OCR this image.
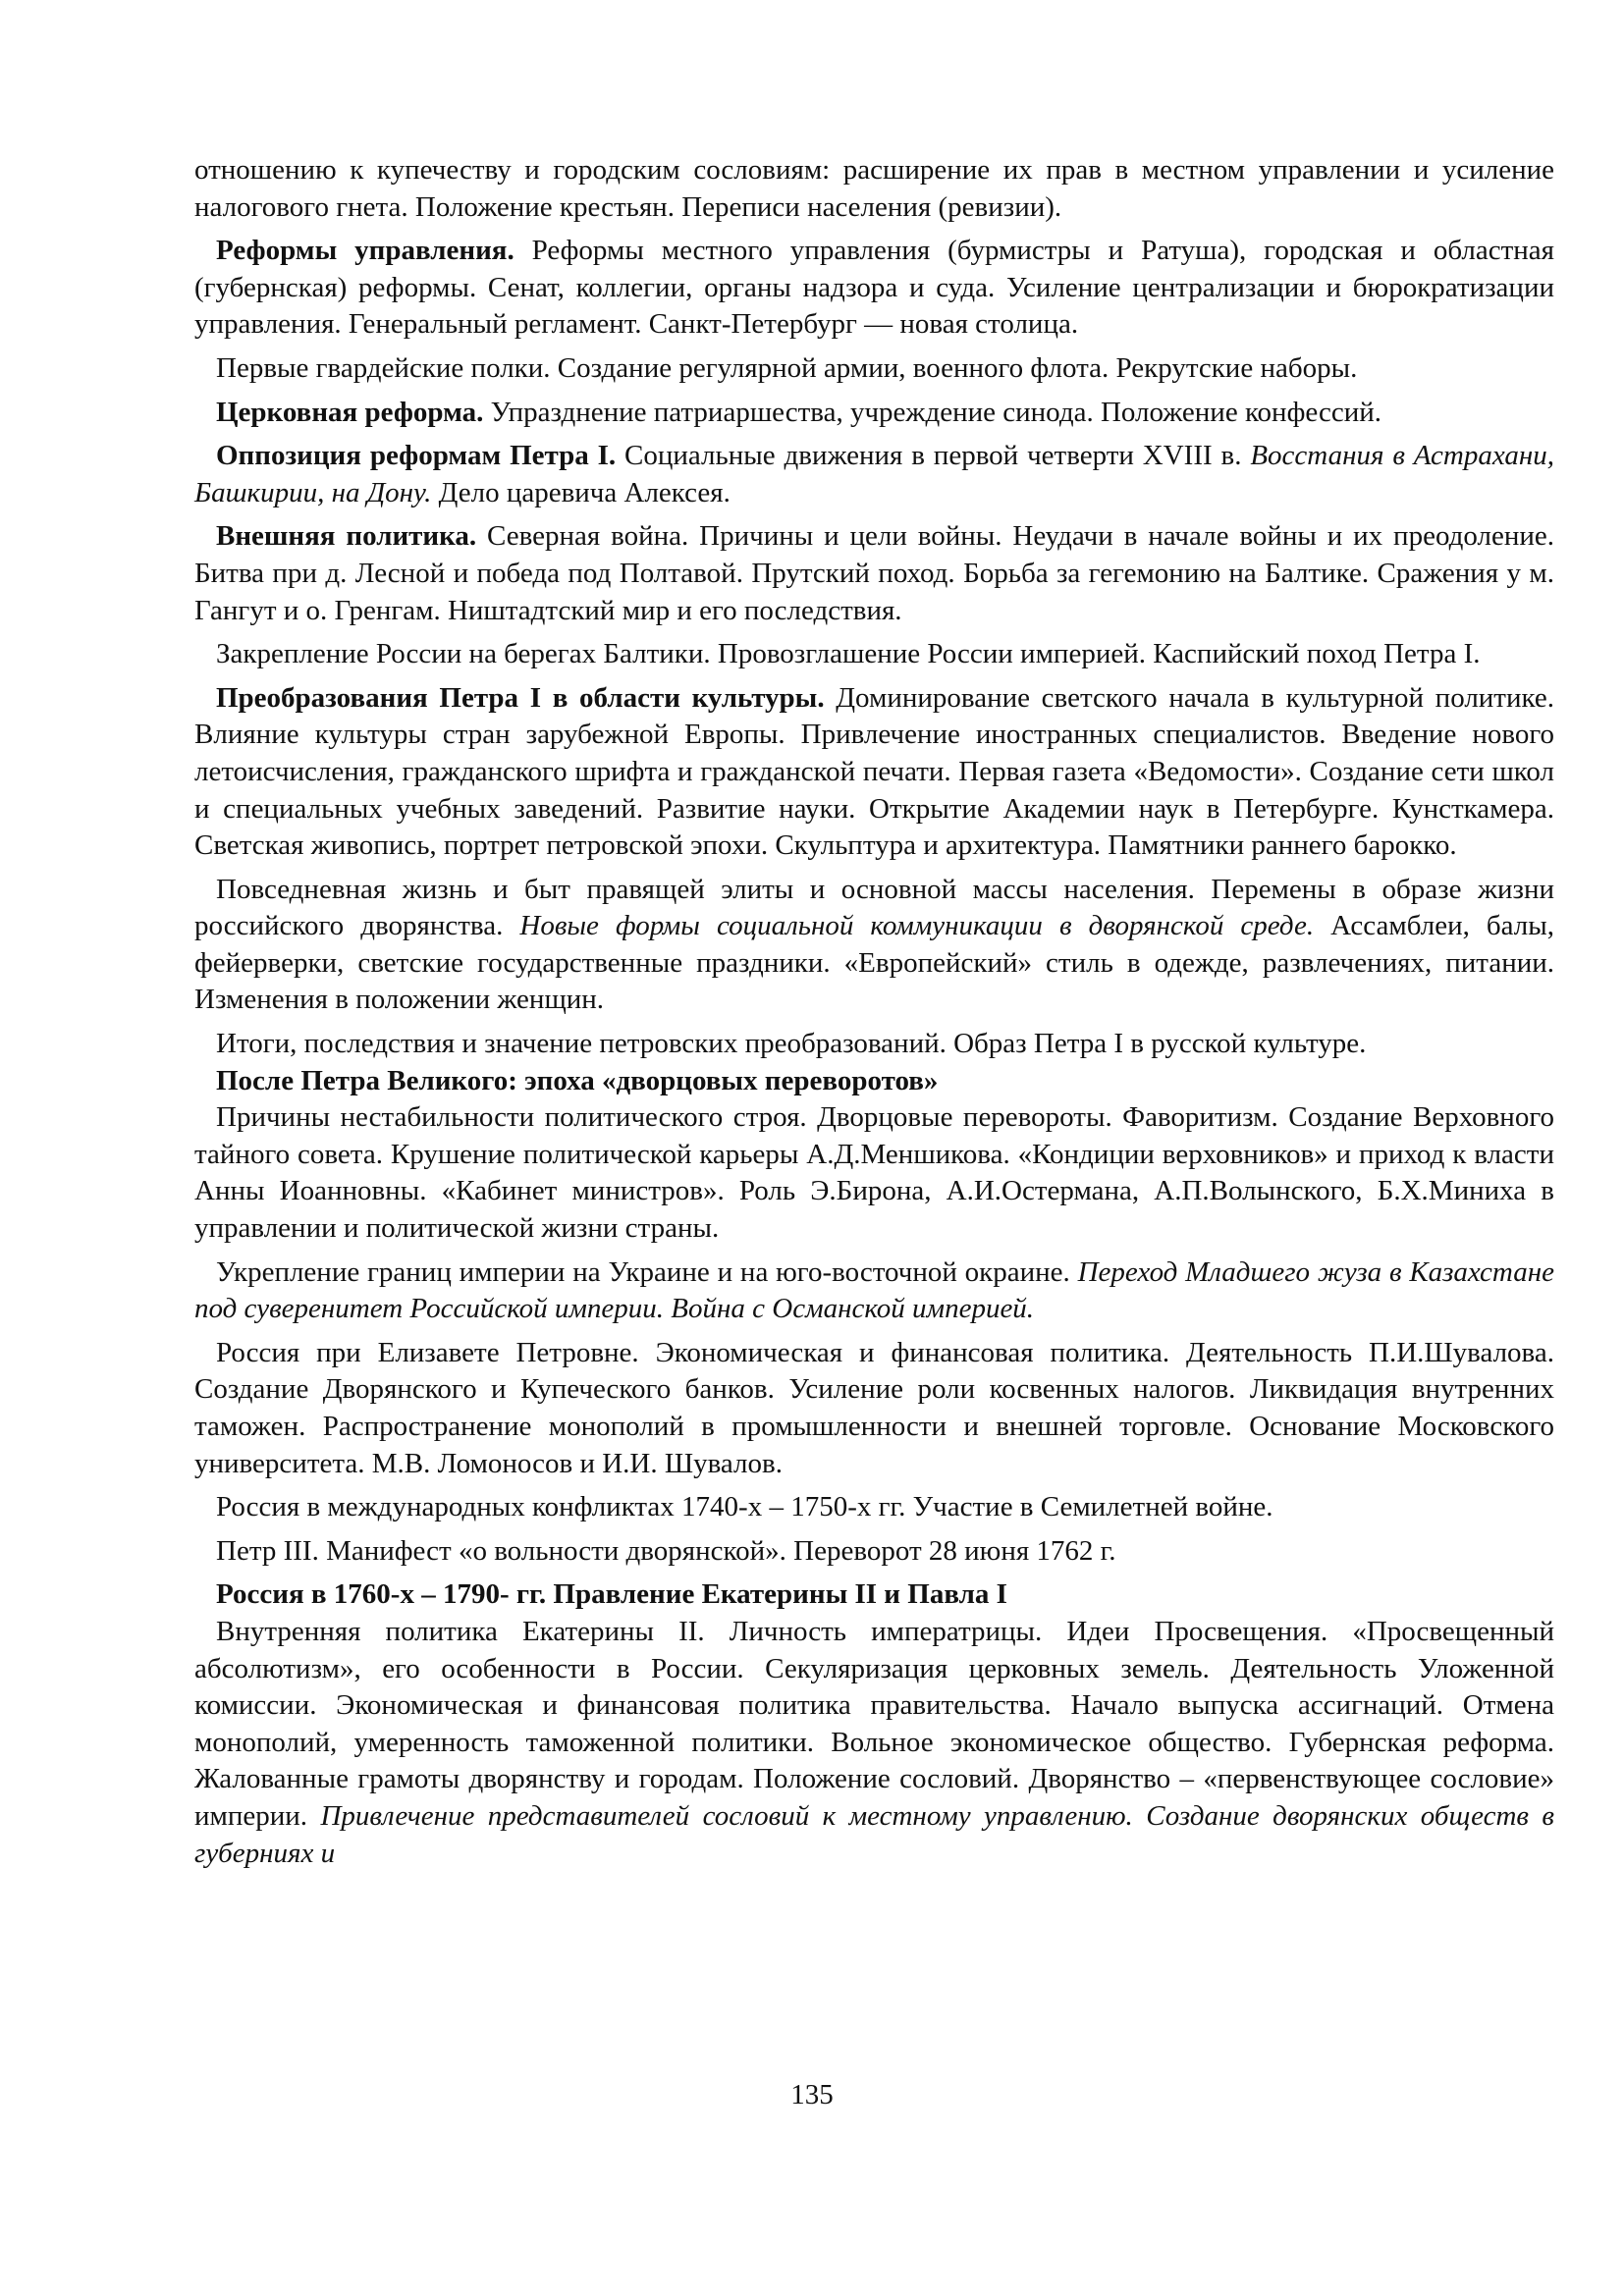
отношению к купечеству и городским сословиям: расширение их прав в местном управлении и усиление налогового гнета. Положение крестьян. Переписи населения (ревизии).

Реформы управления. Реформы местного управления (бурмистры и Ратуша), городская и областная (губернская) реформы. Сенат, коллегии, органы надзора и суда. Усиление централизации и бюрократизации управления. Генеральный регламент. Санкт-Петербург — новая столица.

Первые гвардейские полки. Создание регулярной армии, военного флота. Рекрутские наборы.

Церковная реформа. Упразднение патриаршества, учреждение синода. Положение конфессий.

Оппозиция реформам Петра I. Социальные движения в первой четверти XVIII в. Восстания в Астрахани, Башкирии, на Дону. Дело царевича Алексея.

Внешняя политика. Северная война. Причины и цели войны. Неудачи в начале войны и их преодоление. Битва при д. Лесной и победа под Полтавой. Прутский поход. Борьба за гегемонию на Балтике. Сражения у м. Гангут и о. Гренгам. Ништадтский мир и его последствия.

Закрепление России на берегах Балтики. Провозглашение России империей. Каспийский поход Петра I.

Преобразования Петра I в области культуры. Доминирование светского начала в культурной политике. Влияние культуры стран зарубежной Европы. Привлечение иностранных специалистов. Введение нового летоисчисления, гражданского шрифта и гражданской печати. Первая газета «Ведомости». Создание сети школ и специальных учебных заведений. Развитие науки. Открытие Академии наук в Петербурге. Кунсткамера. Светская живопись, портрет петровской эпохи. Скульптура и архитектура. Памятники раннего барокко.

Повседневная жизнь и быт правящей элиты и основной массы населения. Перемены в образе жизни российского дворянства. Новые формы социальной коммуникации в дворянской среде. Ассамблеи, балы, фейерверки, светские государственные праздники. «Европейский» стиль в одежде, развлечениях, питании. Изменения в положении женщин.

Итоги, последствия и значение петровских преобразований. Образ Петра I в русской культуре.

После Петра Великого: эпоха «дворцовых переворотов»

Причины нестабильности политического строя. Дворцовые перевороты. Фаворитизм. Создание Верховного тайного совета. Крушение политической карьеры А.Д.Меншикова. «Кондиции верховников» и приход к власти Анны Иоанновны. «Кабинет министров». Роль Э.Бирона, А.И.Остермана, А.П.Волынского, Б.Х.Миниха в управлении и политической жизни страны.

Укрепление границ империи на Украине и на юго-восточной окраине. Переход Младшего жуза в Казахстане под суверенитет Российской империи. Война с Османской империей.

Россия при Елизавете Петровне. Экономическая и финансовая политика. Деятельность П.И.Шувалова. Создание Дворянского и Купеческого банков. Усиление роли косвенных налогов. Ликвидация внутренних таможен. Распространение монополий в промышленности и внешней торговле. Основание Московского университета. М.В. Ломоносов и И.И. Шувалов.

Россия в международных конфликтах 1740-х – 1750-х гг. Участие в Семилетней войне.

Петр III. Манифест «о вольности дворянской». Переворот 28 июня 1762 г.

Россия в 1760-х – 1790- гг. Правление Екатерины II и Павла I

Внутренняя политика Екатерины II. Личность императрицы. Идеи Просвещения. «Просвещенный абсолютизм», его особенности в России. Секуляризация церковных земель. Деятельность Уложенной комиссии. Экономическая и финансовая политика правительства. Начало выпуска ассигнаций. Отмена монополий, умеренность таможенной политики. Вольное экономическое общество. Губернская реформа. Жалованные грамоты дворянству и городам. Положение сословий. Дворянство – «первенствующее сословие» империи. Привлечение представителей сословий к местному управлению. Создание дворянских обществ в губерниях и

135
